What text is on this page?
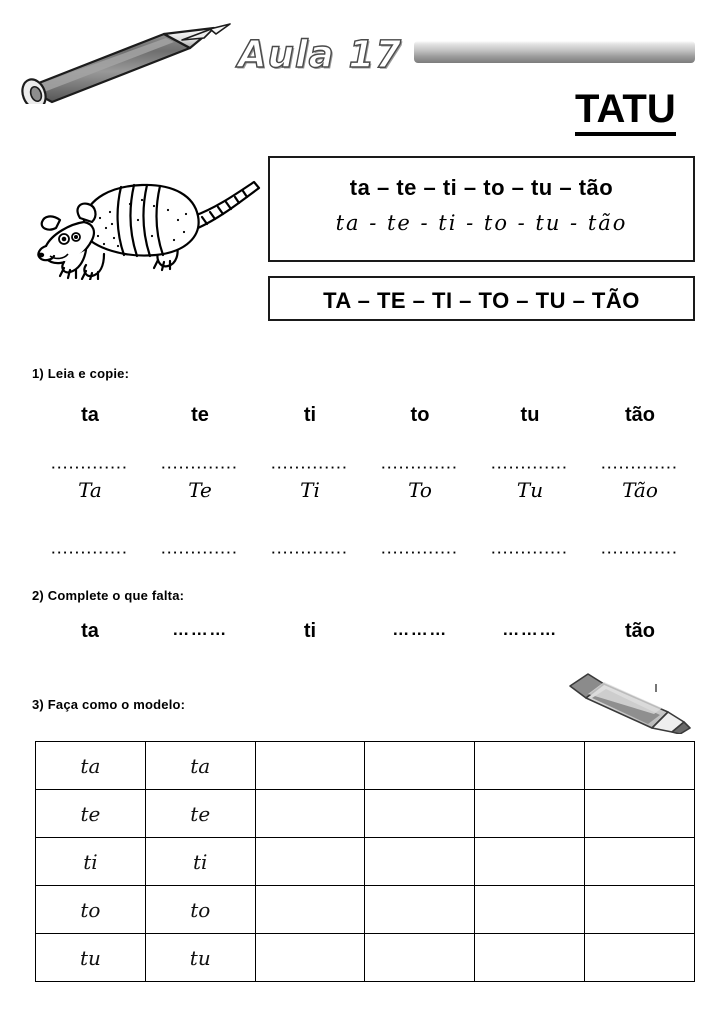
Aula 17
TATU
ta – te – ti – to – tu – tão
ta - te - ti - to - tu - tão
TA – TE – TI – TO – TU – TÃO
1) Leia e copie:
ta	te	ti	to	tu	tão
·············	·············	·············	·············	·············	·············
Ta	Te	Ti	To	Tu	Tão
·············	·············	·············	·············	·············	·············
2) Complete o que falta:
ta	………	ti	………	………	tão
3) Faça como o modelo:
ta	ta				
te	te				
ti	ti				
to	to				
tu	tu				
